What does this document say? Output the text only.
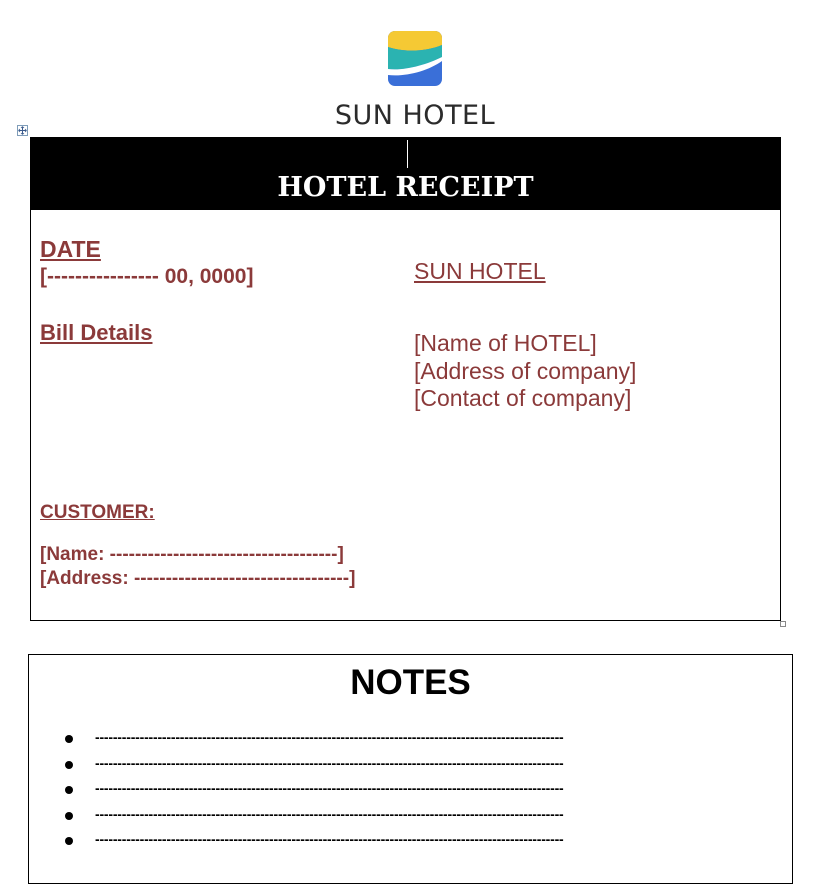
SUN HOTEL
HOTEL RECEIPT
DATE
[---------------- 00, 0000]
Bill Details
SUN HOTEL
[Name of HOTEL]
[Address of company]
[Contact of company]
CUSTOMER:
[Name: ------------------------------------]
[Address: ----------------------------------]
NOTES
---------------------------------------------------------------------------------------------------------
---------------------------------------------------------------------------------------------------------
---------------------------------------------------------------------------------------------------------
---------------------------------------------------------------------------------------------------------
---------------------------------------------------------------------------------------------------------
